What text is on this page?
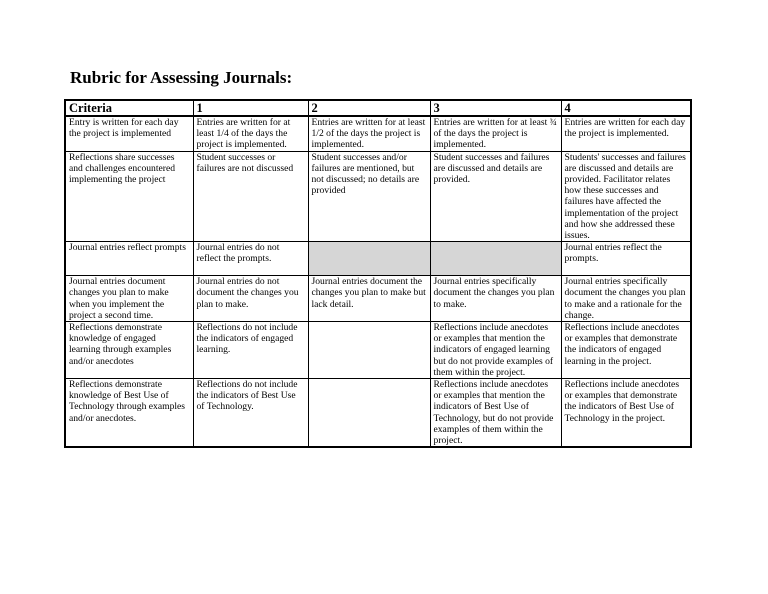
Rubric for Assessing Journals:
Criteria	1	2	3	4
Entry is written for each day the project is implemented	Entries are written for at least 1/4 of the days the project is implemented.	Entries are written for at least 1/2 of the days the project is implemented.	Entries are written for at least ¾ of the days the project is implemented.	Entries are written for each day the project is implemented.
Reflections share successes and challenges encountered implementing the project	Student successes or failures are not discussed	Student successes and/or failures are mentioned, but not discussed; no details are provided	Student successes and failures are discussed and details are provided.	Students' successes and failures are discussed and details are provided. Facilitator relates how these successes and failures have affected the implementation of the project and how she addressed these issues.
Journal entries reflect prompts	Journal entries do not reflect the prompts.			Journal entries reflect the prompts.
Journal entries document changes you plan to make when you implement the project a second time.	Journal entries do not document the changes you plan to make.	Journal entries document the changes you plan to make but lack detail.	Journal entries specifically document the changes you plan to make.	Journal entries specifically document the changes you plan to make and a rationale for the change.
Reflections demonstrate knowledge of engaged learning through examples and/or anecdotes	Reflections do not include the indicators of engaged learning.		Reflections include anecdotes or examples that mention the indicators of engaged learning but do not provide examples of them within the project.	Reflections include anecdotes or examples that demonstrate the indicators of engaged learning in the project.
Reflections demonstrate knowledge of Best Use of Technology through examples and/or anecdotes.	Reflections do not include the indicators of Best Use of Technology.		Reflections include anecdotes or examples that mention the indicators of Best Use of Technology, but do not provide examples of them within the project.	Reflections include anecdotes or examples that demonstrate the indicators of Best Use of Technology in the project.
